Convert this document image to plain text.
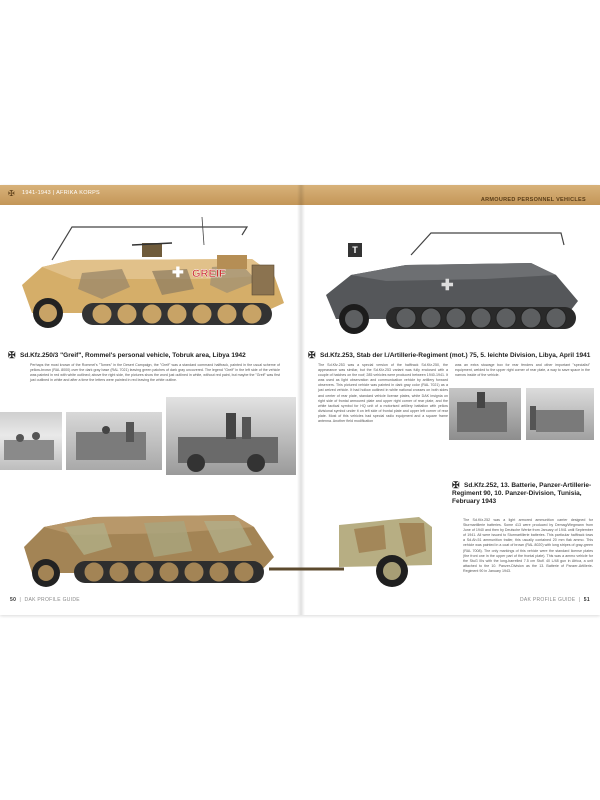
✠ 1941-1943 | AFRIKA KORPS
ARMOURED PERSONNEL VEHICLES
✚ GREIF
T
✚
✠ Sd.Kfz.250/3 "Greif", Rommel's personal vehicle, Tobruk area, Libya 1942	✠ Sd.Kfz.253, Stab der I./Artillerie-Regiment (mot.) 75, 5. leichte Division, Libya, April 1941
Perhaps the most known of the Rommel's "Tomes" in the Desert Campaign, the "Greif" was a standard command halftrack, painted in the usual scheme of yellow-brown (RAL 8000) over the dark gray base (RAL 7021) leaving green patches of dark gray uncovered. The legend "Greif" in the left side of the vehicle was painted in red with white outlined; above the right side, the pictures show the word just outlined in white, without red paint, but maybe the "Greif" was first just outlined in white and after a time the letters were painted in red leaving the white outline.
The Sd.Kfz.253 was a special version of the halftrack Sd.Kfz.250, the appearance was similar, but the Sd.Kfz.253 variant was fully enclosed with a couple of hatches on the roof; 285 vehicles were produced between 1940-1941. It was used as light observation and communication vehicle by artillery forward observers. This pictured vehicle was painted in dark gray color (RAL 7021) as a just arrived vehicle. It had hollow outlined in white national crosses on both sides and center of rear plate, standard vehicle license plates, white DAK insignia on right side of frontal armoured plate and upper right corner of rear plate, and the white tactical symbol for HQ unit of a motorised artillery battalion with yellow divisional symbol under it on left side of frontal plate and upper left corner of rear plate. Most of this vehicles had special radio equipment and a square frame antenna. Another field modification
was an extra stowage box for rear fenders and other important "specialist" equipment, welded to the upper right corner of rear plate, a way to save space in the narrow inside of the vehicle.
✠ Sd.Kfz.252, 13. Batterie, Panzer-Artillerie-Regiment 90, 10. Panzer-Division, Tunisia, February 1943
The Sd.Kfz.252 was a light armored ammunition carrier designed for Sturmartillerie batteries. Some 413 were produced by Demag/Wegmann from June of 1940 and then by Deutsche Werke from January of 1941 until September of 1941. All were issued to Sturmartillerie batteries. This particular halftrack tows a Sd.Ah.51 ammunition trailer, this usually contained 20 mm flak ammo. This vehicle was painted in a coat of brown (RAL 8020) with long stripes of gray-green (RAL 7008). The only markings of this vehicle were the standard license plates (the front one in the upper part of the frontal plate). This was a ammo vehicle for the StuG IIIs with the long-barrelled 7.5 cm StuK 40 L/48 gun in Africa, a unit attached to the 10. Panzer-Division as the 13. Batterie of Panzer-Artillerie-Regiment 90 in January 1943.
50  |  DAK PROFILE GUIDE	DAK PROFILE GUIDE  |  51
